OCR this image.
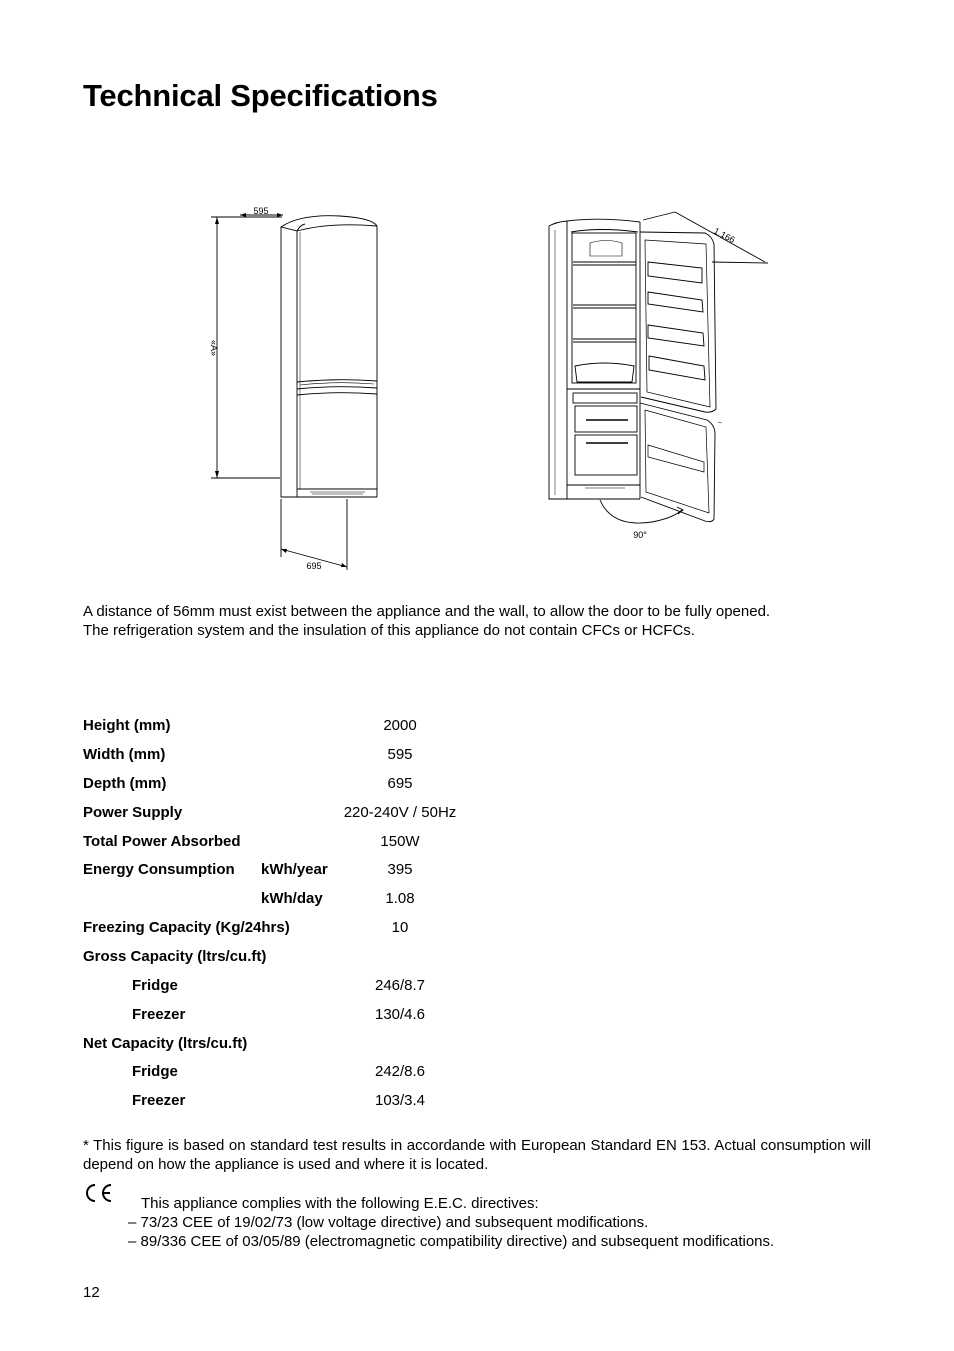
Technical Specifications
595
«A»
695
1.166
90°
A distance of 56mm must exist between the appliance and the wall, to allow the door to be fully opened.
The refrigeration system and the insulation of this appliance do not contain CFCs or HCFCs.
Height (mm)	2000
Width (mm)	595
Depth (mm)	695
Power Supply	220-240V / 50Hz
Total Power Absorbed	150W
Energy Consumption kWh/year	395
kWh/day	1.08
Freezing Capacity (Kg/24hrs)	10
Gross Capacity (ltrs/cu.ft)
Fridge	246/8.7
Freezer	130/4.6
Net Capacity (ltrs/cu.ft)
Fridge	242/8.6
Freezer	103/3.4
* This figure is based on standard test results in accordande with European Standard EN 153. Actual consumption will depend on how the appliance is used and where it is located.
This appliance complies with the following E.E.C. directives:
– 73/23 CEE of 19/02/73 (low voltage directive) and subsequent modifications.
– 89/336 CEE of 03/05/89 (electromagnetic compatibility directive) and subsequent modifications.
12
